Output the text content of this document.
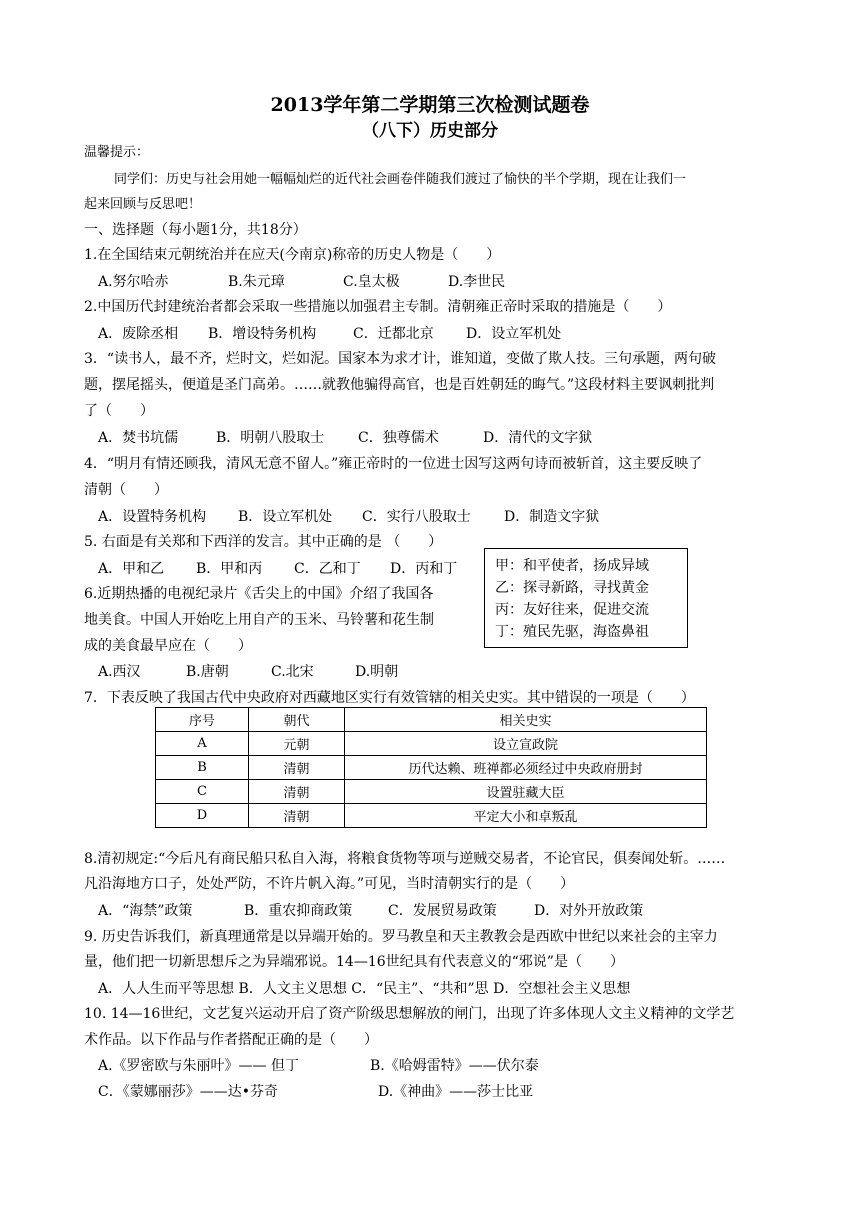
2013学年第二学期第三次检测试题卷
（八下）历史部分
温馨提示：
同学们：历史与社会用她一幅幅灿烂的近代社会画卷伴随我们渡过了愉快的半个学期，现在让我们一
起来回顾与反思吧！
一、选择题（每小题1分，共18分）
1.在全国结束元朝统治并在应天(今南京)称帝的历史人物是（　　）
A.努尔哈赤	B.朱元璋	C.皇太极	D.李世民
2.中国历代封建统治者都会采取一些措施以加强君主专制。清朝雍正帝时采取的措施是（　　）
A．废除丞相 B．增设特务机构	C．迁都北京 D．设立军机处
3．“读书人，最不齐，烂时文，烂如泥。国家本为求才计，谁知道，变做了欺人技。三句承题，两句破
题，摆尾摇头，便道是圣门高弟。……就教他骗得高官，也是百姓朝廷的晦气。”这段材料主要讽刺批判
了（　　）
A．焚书坑儒	B．明朝八股取士 C．独尊儒术	D．清代的文字狱
4．“明月有情还顾我，清风无意不留人。”雍正帝时的一位进士因写这两句诗而被斩首，这主要反映了
清朝（　　）
A．设置特务机构 B．设立军机处 C．实行八股取士 D．制造文字狱
5. 右面是有关郑和下西洋的发言。其中正确的是 （　　）
A．甲和乙 B．甲和丙 C．乙和丁 D．丙和丁	甲：和平使者，扬成异域
乙：探寻新路，寻找黄金
丙：友好往来，促进交流
丁：殖民先驱，海盗鼻祖
6.近期热播的电视纪录片《舌尖上的中国》介绍了我国各
地美食。中国人开始吃上用自产的玉米、马铃薯和花生制
成的美食最早应在（　　）
A.西汉	B.唐朝	C.北宋	D.明朝
7．下表反映了我国古代中央政府对西藏地区实行有效管辖的相关史实。其中错误的一项是（　　）
序号	朝代	相关史实
A	元朝	设立宣政院
B	清朝	历代达赖、班禅都必须经过中央政府册封
C	清朝	设置驻藏大臣
D	清朝	平定大小和卓叛乱
8.清初规定:“今后凡有商民船只私自入海，将粮食货物等项与逆贼交易者，不论官民，俱奏闻处斩。……
凡沿海地方口子，处处严防，不许片帆入海。”可见，当时清朝实行的是（　　）
A．“海禁”政策	B．重农抑商政策	C．发展贸易政策	D．对外开放政策
9. 历史告诉我们，新真理通常是以异端开始的。罗马教皇和天主教教会是西欧中世纪以来社会的主宰力
量，他们把一切新思想斥之为异端邪说。14—16世纪具有代表意义的“邪说”是（　　）
A．人人生而平等思想 B．人文主义思想 C．“民主”、“共和”思 D．空想社会主义思想
10. 14—16世纪，文艺复兴运动开启了资产阶级思想解放的闸门，出现了许多体现人文主义精神的文学艺
术作品。以下作品与作者搭配正确的是（　　）
A.《罗密欧与朱丽叶》—— 但丁	B.《哈姆雷特》——伏尔泰
C．《蒙娜丽莎》——达•芬奇	D.《神曲》——莎士比亚
